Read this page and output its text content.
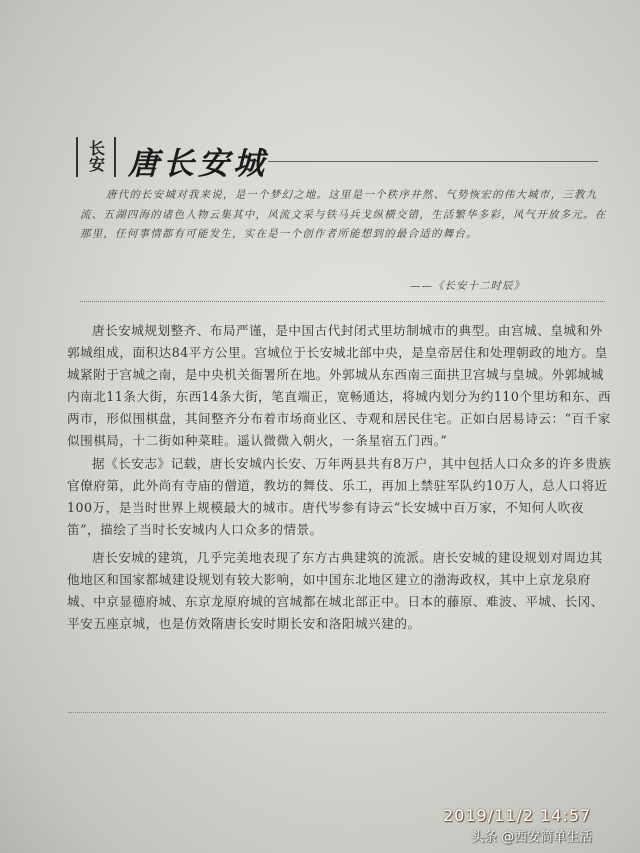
长安 唐长安城

唐代的长安城对我来说，是一个梦幻之地。这里是一个秩序井然、气势恢宏的伟大城市，三教九流、五湖四海的诸色人物云集其中，风流文采与铁马兵戈纵横交错，生活繁华多彩，风气开放多元。在那里，任何事情都有可能发生，实在是一个创作者所能想到的最合适的舞台。

——《长安十二时辰》

唐长安城规划整齐、布局严谨，是中国古代封闭式里坊制城市的典型。由宫城、皇城和外郭城组成，面积达84平方公里。宫城位于长安城北部中央，是皇帝居住和处理朝政的地方。皇城紧附于宫城之南，是中央机关衙署所在地。外郭城从东西南三面拱卫宫城与皇城。外郭城城内南北11条大街，东西14条大街，笔直端正，宽畅通达，将城内划分为约110个里坊和东、西两市，形似围棋盘，其间整齐分布着市场商业区、寺观和居民住宅。正如白居易诗云：“百千家似围棋局，十二街如种菜畦。遥认微微入朝火，一条星宿五门西。”

据《长安志》记载，唐长安城内长安、万年两县共有8万户，其中包括人口众多的许多贵族官僚府第，此外尚有寺庙的僧道，教坊的舞伎、乐工，再加上禁驻军队约10万人，总人口将近100万，是当时世界上规模最大的城市。唐代岑参有诗云“长安城中百万家，不知何人吹夜笛”，描绘了当时长安城内人口众多的情景。

唐长安城的建筑，几乎完美地表现了东方古典建筑的流派。唐长安城的建设规划对周边其他地区和国家都城建设规划有较大影响，如中国东北地区建立的渤海政权，其中上京龙泉府城、中京显德府城、东京龙原府城的宫城都在城北部正中。日本的藤原、难波、平城、长冈、平安五座京城，也是仿效隋唐长安时期长安和洛阳城兴建的。

2019/11/2 14:57
头条 @西安简单生活
